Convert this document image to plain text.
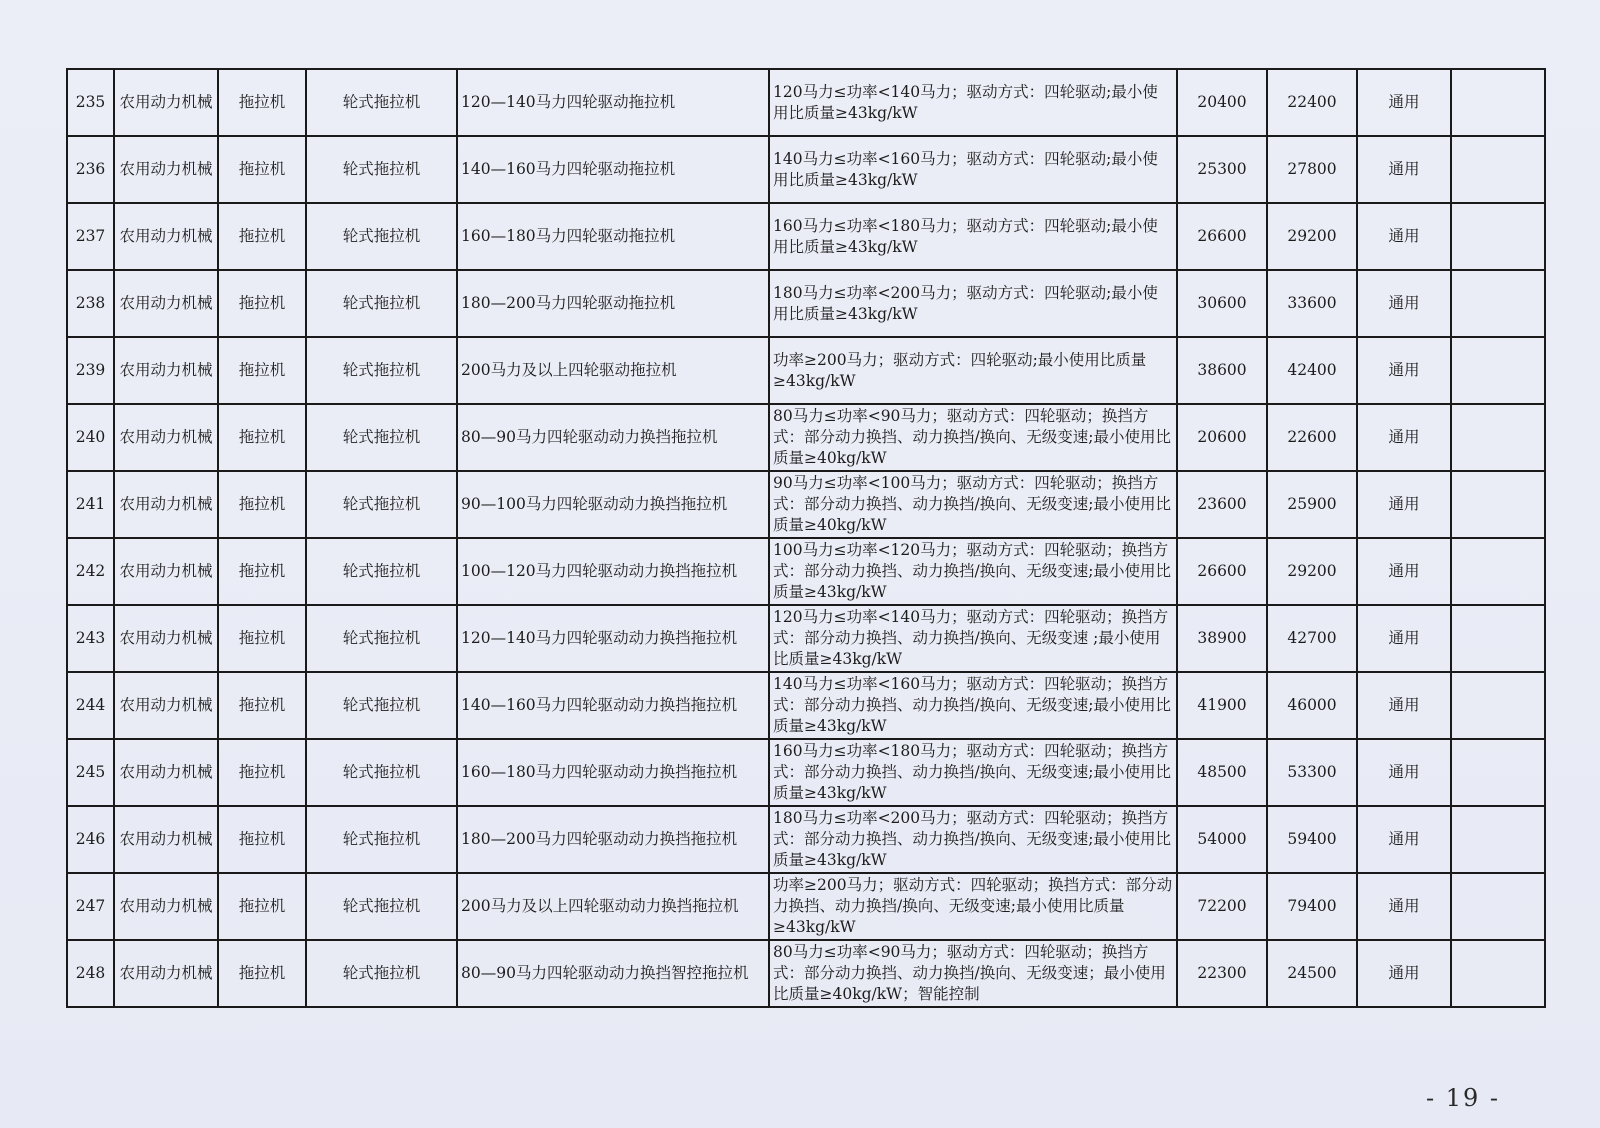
235	农用动力机械	拖拉机	轮式拖拉机	120—140马力四轮驱动拖拉机	120马力≤功率<140马力；驱动方式：四轮驱动;最小使用比质量≥43kg/kW	20400	22400	通用	
236	农用动力机械	拖拉机	轮式拖拉机	140—160马力四轮驱动拖拉机	140马力≤功率<160马力；驱动方式：四轮驱动;最小使用比质量≥43kg/kW	25300	27800	通用	
237	农用动力机械	拖拉机	轮式拖拉机	160—180马力四轮驱动拖拉机	160马力≤功率<180马力；驱动方式：四轮驱动;最小使用比质量≥43kg/kW	26600	29200	通用	
238	农用动力机械	拖拉机	轮式拖拉机	180—200马力四轮驱动拖拉机	180马力≤功率<200马力；驱动方式：四轮驱动;最小使用比质量≥43kg/kW	30600	33600	通用	
239	农用动力机械	拖拉机	轮式拖拉机	200马力及以上四轮驱动拖拉机	功率≥200马力；驱动方式：四轮驱动;最小使用比质量≥43kg/kW	38600	42400	通用	
240	农用动力机械	拖拉机	轮式拖拉机	80—90马力四轮驱动动力换挡拖拉机	80马力≤功率<90马力；驱动方式：四轮驱动；换挡方式：部分动力换挡、动力换挡/换向、无级变速;最小使用比质量≥40kg/kW	20600	22600	通用	
241	农用动力机械	拖拉机	轮式拖拉机	90—100马力四轮驱动动力换挡拖拉机	90马力≤功率<100马力；驱动方式：四轮驱动；换挡方式：部分动力换挡、动力换挡/换向、无级变速;最小使用比质量≥40kg/kW	23600	25900	通用	
242	农用动力机械	拖拉机	轮式拖拉机	100—120马力四轮驱动动力换挡拖拉机	100马力≤功率<120马力；驱动方式：四轮驱动；换挡方式：部分动力换挡、动力换挡/换向、无级变速;最小使用比质量≥43kg/kW	26600	29200	通用	
243	农用动力机械	拖拉机	轮式拖拉机	120—140马力四轮驱动动力换挡拖拉机	120马力≤功率<140马力；驱动方式：四轮驱动；换挡方式：部分动力换挡、动力换挡/换向、无级变速 ;最小使用比质量≥43kg/kW	38900	42700	通用	
244	农用动力机械	拖拉机	轮式拖拉机	140—160马力四轮驱动动力换挡拖拉机	140马力≤功率<160马力；驱动方式：四轮驱动；换挡方式：部分动力换挡、动力换挡/换向、无级变速;最小使用比质量≥43kg/kW	41900	46000	通用	
245	农用动力机械	拖拉机	轮式拖拉机	160—180马力四轮驱动动力换挡拖拉机	160马力≤功率<180马力；驱动方式：四轮驱动；换挡方式：部分动力换挡、动力换挡/换向、无级变速;最小使用比质量≥43kg/kW	48500	53300	通用	
246	农用动力机械	拖拉机	轮式拖拉机	180—200马力四轮驱动动力换挡拖拉机	180马力≤功率<200马力；驱动方式：四轮驱动；换挡方式：部分动力换挡、动力换挡/换向、无级变速;最小使用比质量≥43kg/kW	54000	59400	通用	
247	农用动力机械	拖拉机	轮式拖拉机	200马力及以上四轮驱动动力换挡拖拉机	功率≥200马力；驱动方式：四轮驱动；换挡方式：部分动力换挡、动力换挡/换向、无级变速;最小使用比质量≥43kg/kW	72200	79400	通用	
248	农用动力机械	拖拉机	轮式拖拉机	80—90马力四轮驱动动力换挡智控拖拉机	80马力≤功率<90马力；驱动方式：四轮驱动；换挡方式：部分动力换挡、动力换挡/换向、无级变速；最小使用比质量≥40kg/kW；智能控制	22300	24500	通用	
- 19 -
